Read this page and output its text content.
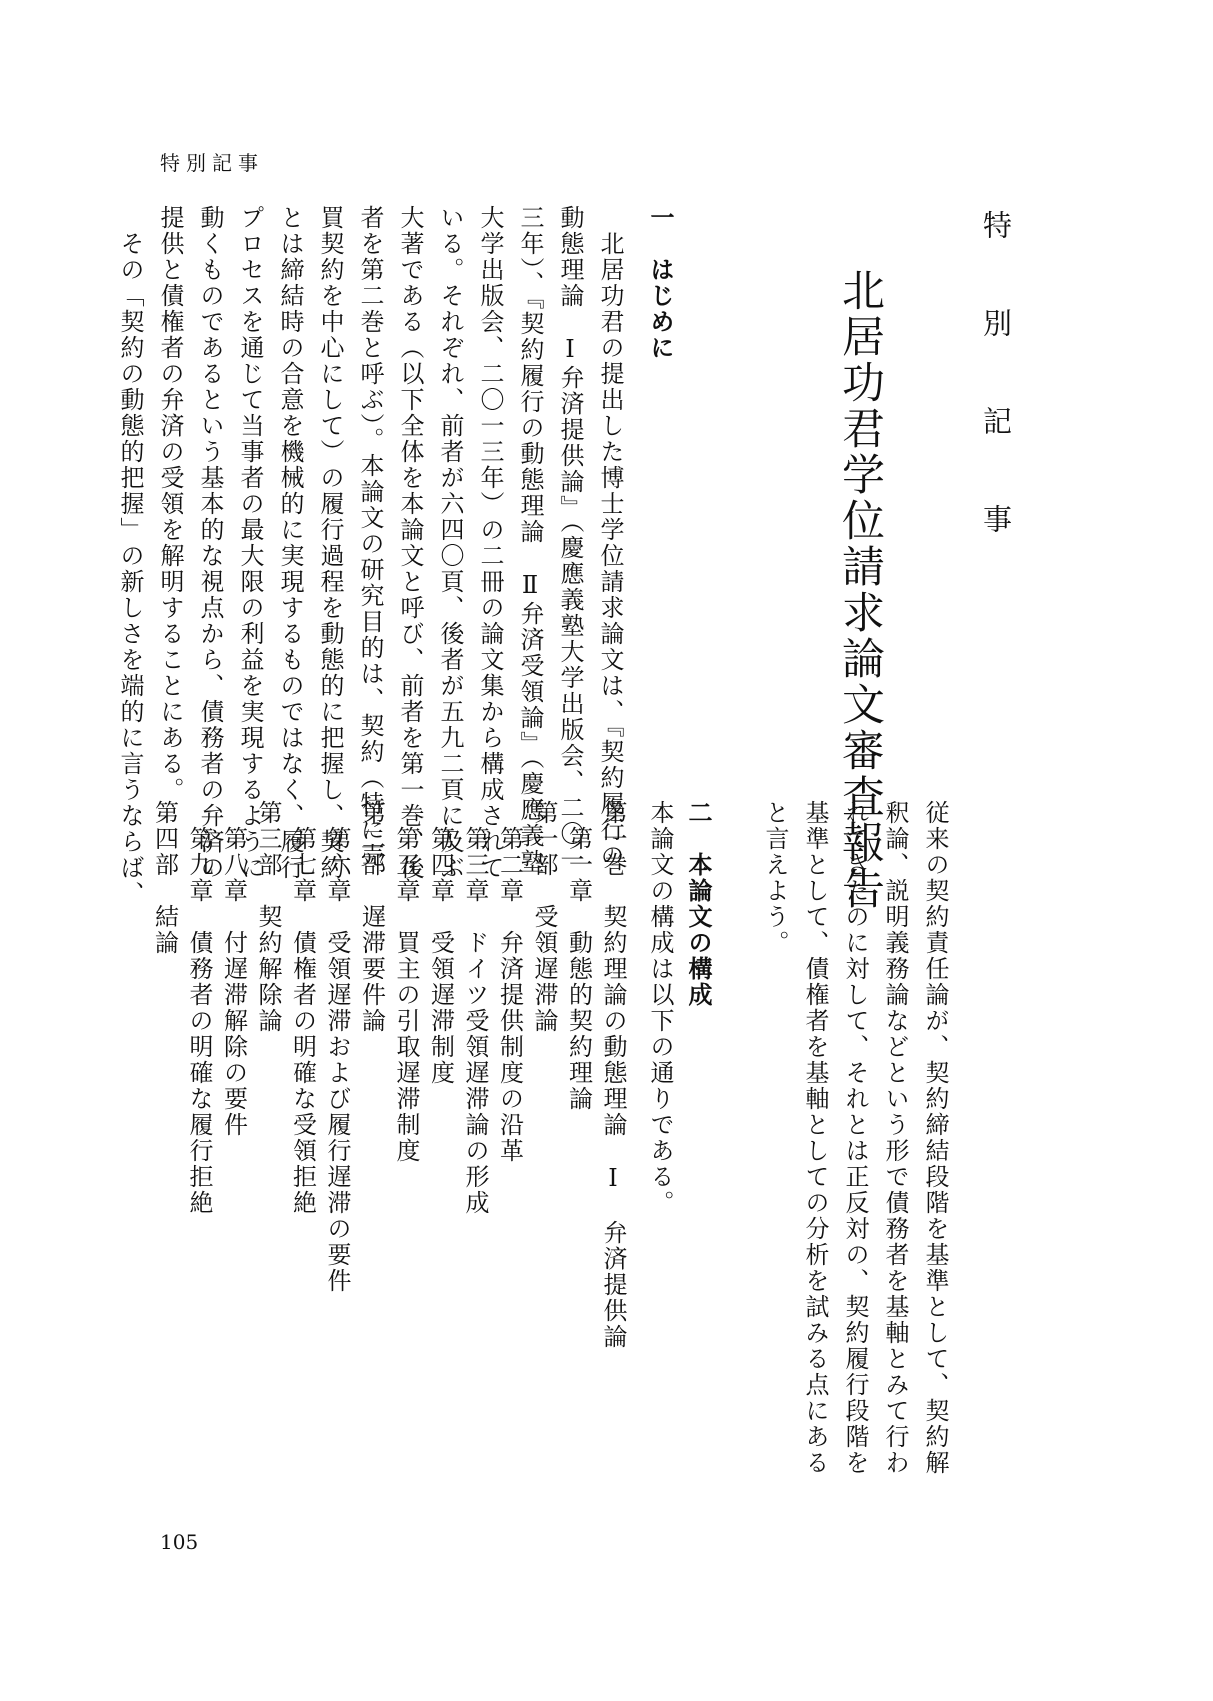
特別記事
特　別　記　事
北居功君学位請求論文審査報告
一　はじめに
　北居功君の提出した博士学位請求論文は、『契約履行の
動態理論　Ⅰ弁済提供論』（慶應義塾大学出版会、二〇一
三年）、『契約履行の動態理論　Ⅱ弁済受領論』（慶應義塾
大学出版会、二〇一三年）の二冊の論文集から構成されて
いる。それぞれ、前者が六四〇頁、後者が五九二頁に及ぶ
大著である（以下全体を本論文と呼び、前者を第一巻、後
者を第二巻と呼ぶ）。本論文の研究目的は、契約（特に売
買契約を中心にして）の履行過程を動態的に把握し、契約
とは締結時の合意を機械的に実現するものではなく、履行
プロセスを通じて当事者の最大限の利益を実現するように
動くものであるという基本的な視点から、債務者の弁済の
提供と債権者の弁済の受領を解明することにある。
　その「契約の動態的把握」の新しさを端的に言うならば、
従来の契約責任論が、契約締結段階を基準として、契約解
釈論、説明義務論などという形で債務者を基軸とみて行わ
れてきたのに対して、それとは正反対の、契約履行段階を
基準として、債権者を基軸としての分析を試みる点にある
と言えよう。
二　本論文の構成
本論文の構成は以下の通りである。
第一巻　契約理論の動態理論　Ⅰ　弁済提供論
　第一章　動態的契約理論
第一部　受領遅滞論
　第二章　弁済提供制度の沿革
　第三章　ドイツ受領遅滞論の形成
　第四章　受領遅滞制度
　第五章　買主の引取遅滞制度
第二部　遅滞要件論
　第六章　受領遅滞および履行遅滞の要件
　第七章　債権者の明確な受領拒絶
第三部　契約解除論
　第八章　付遅滞解除の要件
　第九章　債務者の明確な履行拒絶
第四部　結論
105
